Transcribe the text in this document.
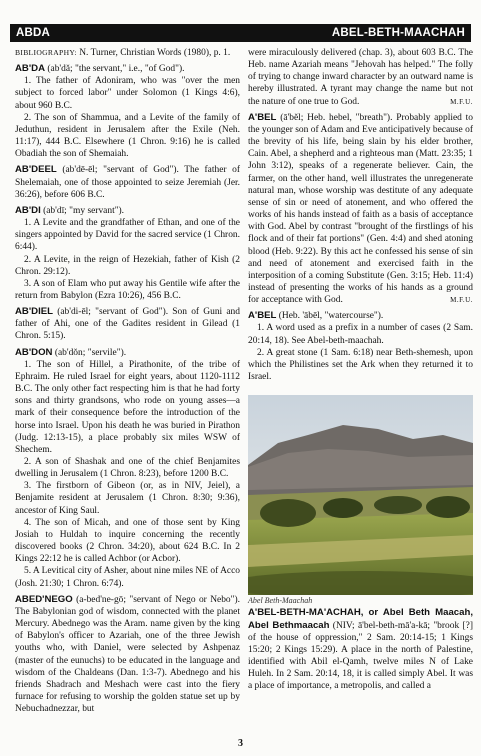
ABDA	ABEL-BETH-MAACHAH

BIBLIOGRAPHY: N. Turner, Christian Words (1980), p. 1.

AB'DA (ab'dă; "the servant," i.e., "of God").

1. The father of Adoniram, who was "over the men subject to forced labor" under Solomon (1 Kings 4:6), about 960 B.C.

2. The son of Shammua, and a Levite of the family of Jeduthun, resident in Jerusalem after the Exile (Neh. 11:17), 444 B.C. Elsewhere (1 Chron. 9:16) he is called Obadiah the son of Shemaiah.

AB'DEEL (ab'dē-ēl; "servant of God"). The father of Shelemaiah, one of those appointed to seize Jeremiah (Jer. 36:26), before 606 B.C.

AB'DI (ab'dī; "my servant").

1. A Levite and the grandfather of Ethan, and one of the singers appointed by David for the sacred service (1 Chron. 6:44).

2. A Levite, in the reign of Hezekiah, father of Kish (2 Chron. 29:12).

3. A son of Elam who put away his Gentile wife after the return from Babylon (Ezra 10:26), 456 B.C.

AB'DIEL (ab'di-ēl; "servant of God"). Son of Guni and father of Ahi, one of the Gadites resident in Gilead (1 Chron. 5:15).

AB'DON (ab'dŏn; "servile").

1. The son of Hillel, a Pirathonite, of the tribe of Ephraim. He ruled Israel for eight years, about 1120-1112 B.C. The only other fact respecting him is that he had forty sons and thirty grandsons, who rode on young asses—a mark of their consequence before the introduction of the horse into Israel. Upon his death he was buried in Pirathon (Judg. 12:13-15), a place probably six miles WSW of Shechem.

2. A son of Shashak and one of the chief Benjamites dwelling in Jerusalem (1 Chron. 8:23), before 1200 B.C.

3. The firstborn of Gibeon (or, as in NIV, Jeiel), a Benjamite resident at Jerusalem (1 Chron. 8:30; 9:36), ancestor of King Saul.

4. The son of Micah, and one of those sent by King Josiah to Huldah to inquire concerning the recently discovered books (2 Chron. 34:20), about 624 B.C. In 2 Kings 22:12 he is called Achbor (or Acbor).

5. A Levitical city of Asher, about nine miles NE of Acco (Josh. 21:30; 1 Chron. 6:74).

ABED'NEGO (a-bed'ne-gō; "servant of Nego or Nebo"). The Babylonian god of wisdom, connected with the planet Mercury. Abednego was the Aram. name given by the king of Babylon's officer to Azariah, one of the three Jewish youths who, with Daniel, were selected by Ashpenaz (master of the eunuchs) to be educated in the language and wisdom of the Chaldeans (Dan. 1:3-7). Abednego and his friends Shadrach and Meshach were cast into the fiery furnace for refusing to worship the golden statue set up by Nebuchadnezzar, but

were miraculously delivered (chap. 3), about 603 B.C. The Heb. name Azariah means "Jehovah has helped." The folly of trying to change inward character by an outward name is hereby illustrated. A tyrant may change the name but not the nature of one true to God.	M.F.U.

A'BEL (ā'bĕl; Heb. hebel, "breath"). Probably applied to the younger son of Adam and Eve anticipatively because of the brevity of his life, being slain by his elder brother, Cain. Abel, a shepherd and a righteous man (Matt. 23:35; 1 John 3:12), speaks of a regenerate believer. Cain, the farmer, on the other hand, well illustrates the unregenerate natural man, whose worship was destitute of any adequate sense of sin or need of atonement, and who offered the works of his hands instead of faith as a basis of acceptance with God. Abel by contrast "brought of the firstlings of his flock and of their fat portions" (Gen. 4:4) and shed atoning blood (Heb. 9:22). By this act he confessed his sense of sin and need of atonement and exercised faith in the interposition of a coming Substitute (Gen. 3:15; Heb. 11:4) instead of presenting the works of his hands as a ground for acceptance with God.	M.F.U.

A'BEL (Heb. 'ābēl, "watercourse").

1. A word used as a prefix in a number of cases (2 Sam. 20:14, 18). See Abel-beth-maachah.

2. A great stone (1 Sam. 6:18) near Beth-shemesh, upon which the Philistines set the Ark when they returned it to Israel.

Abel Beth-Maachah

A'BEL-BETH-MA'ACHAH, or Abel Beth Maacah, Abel Bethmaacah (NIV; ā'bel-beth-mā'a-kā; "brook [?] of the house of oppression," 2 Sam. 20:14-15; 1 Kings 15:20; 2 Kings 15:29). A place in the north of Palestine, identified with Abil el-Qamh, twelve miles N of Lake Huleh. In 2 Sam. 20:14, 18, it is called simply Abel. It was a place of importance, a metropolis, and called a

3
